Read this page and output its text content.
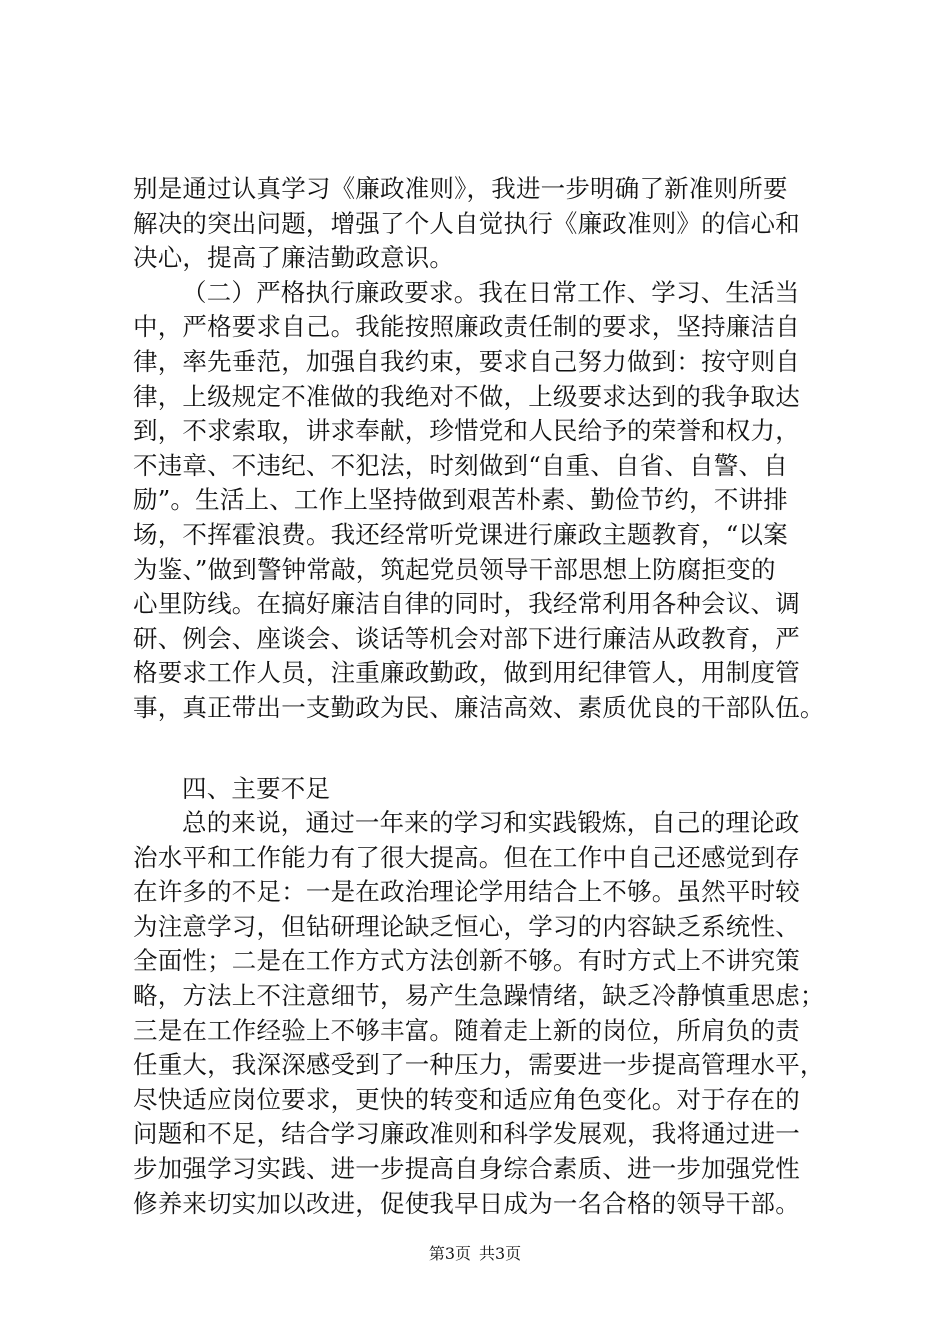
别是通过认真学习《廉政准则》，我进一步明确了新准则所要
解决的突出问题，增强了个人自觉执行《廉政准则》的信心和
决心，提高了廉洁勤政意识。
（二）严格执行廉政要求。我在日常工作、学习、生活当
中，严格要求自己。我能按照廉政责任制的要求，坚持廉洁自
律，率先垂范，加强自我约束，要求自己努力做到：按守则自
律，上级规定不准做的我绝对不做，上级要求达到的我争取达
到，不求索取，讲求奉献，珍惜党和人民给予的荣誉和权力，
不违章、不违纪、不犯法，时刻做到“自重、自省、自警、自
励”。生活上、工作上坚持做到艰苦朴素、勤俭节约，不讲排
场，不挥霍浪费。我还经常听党课进行廉政主题教育，“以案
为鉴、”做到警钟常敲，筑起党员领导干部思想上防腐拒变的
心里防线。在搞好廉洁自律的同时，我经常利用各种会议、调
研、例会、座谈会、谈话等机会对部下进行廉洁从政教育，严
格要求工作人员，注重廉政勤政，做到用纪律管人，用制度管
事，真正带出一支勤政为民、廉洁高效、素质优良的干部队伍。
四、主要不足
总的来说，通过一年来的学习和实践锻炼，自己的理论政
治水平和工作能力有了很大提高。但在工作中自己还感觉到存
在许多的不足：一是在政治理论学用结合上不够。虽然平时较
为注意学习，但钻研理论缺乏恒心，学习的内容缺乏系统性、
全面性；二是在工作方式方法创新不够。有时方式上不讲究策
略，方法上不注意细节，易产生急躁情绪，缺乏冷静慎重思虑；
三是在工作经验上不够丰富。随着走上新的岗位，所肩负的责
任重大，我深深感受到了一种压力，需要进一步提高管理水平，
尽快适应岗位要求，更快的转变和适应角色变化。对于存在的
问题和不足，结合学习廉政准则和科学发展观，我将通过进一
步加强学习实践、进一步提高自身综合素质、进一步加强党性
修养来切实加以改进，促使我早日成为一名合格的领导干部。
第3页 共3页
